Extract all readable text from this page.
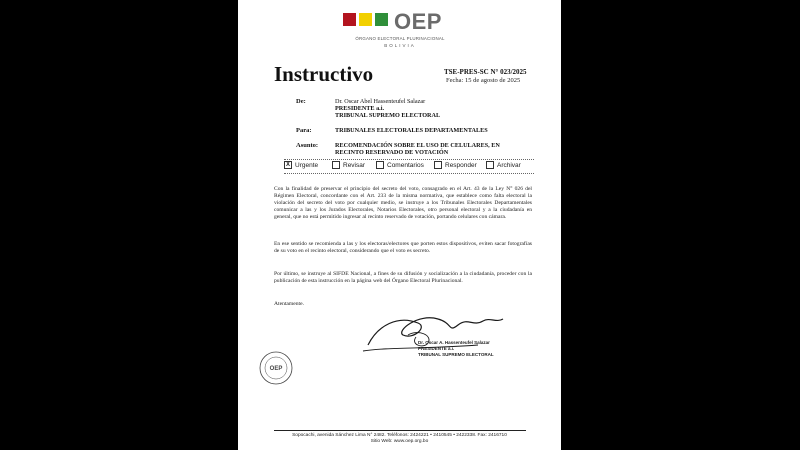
OEP
ÓRGANO ELECTORAL PLURINACIONAL
BOLIVIA
Instructivo	TSE-PRES-SC N° 023/2025
Fecha: 15 de agosto de 2025
De:	Dr. Oscar Abel Hassenteufel Salazar
PRESIDENTE a.i.
TRIBUNAL SUPREMO ELECTORAL
Para:	TRIBUNALES ELECTORALES DEPARTAMENTALES
Asunto:	RECOMENDACIÓN SOBRE EL USO DE CELULARES, EN
RECINTO RESERVADO DE VOTACIÓN
X Urgente	Revisar	Comentarios	Responder	Archivar

Con la finalidad de preservar el principio del secreto del voto, consagrado en el Art. 43 de la Ley N° 026 del Régimen Electoral, concordante con el Art. 233 de la misma normativa, que establece como falta electoral la violación del secreto del voto por cualquier medio, se instruye a los Tribunales Electorales Departamentales comunicar a las y los Jurados Electorales, Notarios Electorales, otro personal electoral y a la ciudadanía en general, que no está permitido ingresar al recinto reservado de votación, portando celulares con cámara.

En ese sentido se recomienda a las y los electoras/electores que porten estos dispositivos, eviten sacar fotografías de su voto en el recinto electoral, considerando que el voto es secreto.

Por último, se instruye al SIFDE Nacional, a fines de su difusión y socialización a la ciudadanía, proceder con la publicación de esta instrucción en la página web del Órgano Electoral Plurinacional.

Atentamente.

Dr. Oscar A. Hassenteufel Salazar
PRESIDENTE a.i.
TRIBUNAL SUPREMO ELECTORAL
OEP
Sopocachi, avenida Sánchez Lima N° 2482. Teléfonos: 2424221 • 2410545 • 2422338. Fax: 2416710
Sitio Web: www.oep.org.bo
